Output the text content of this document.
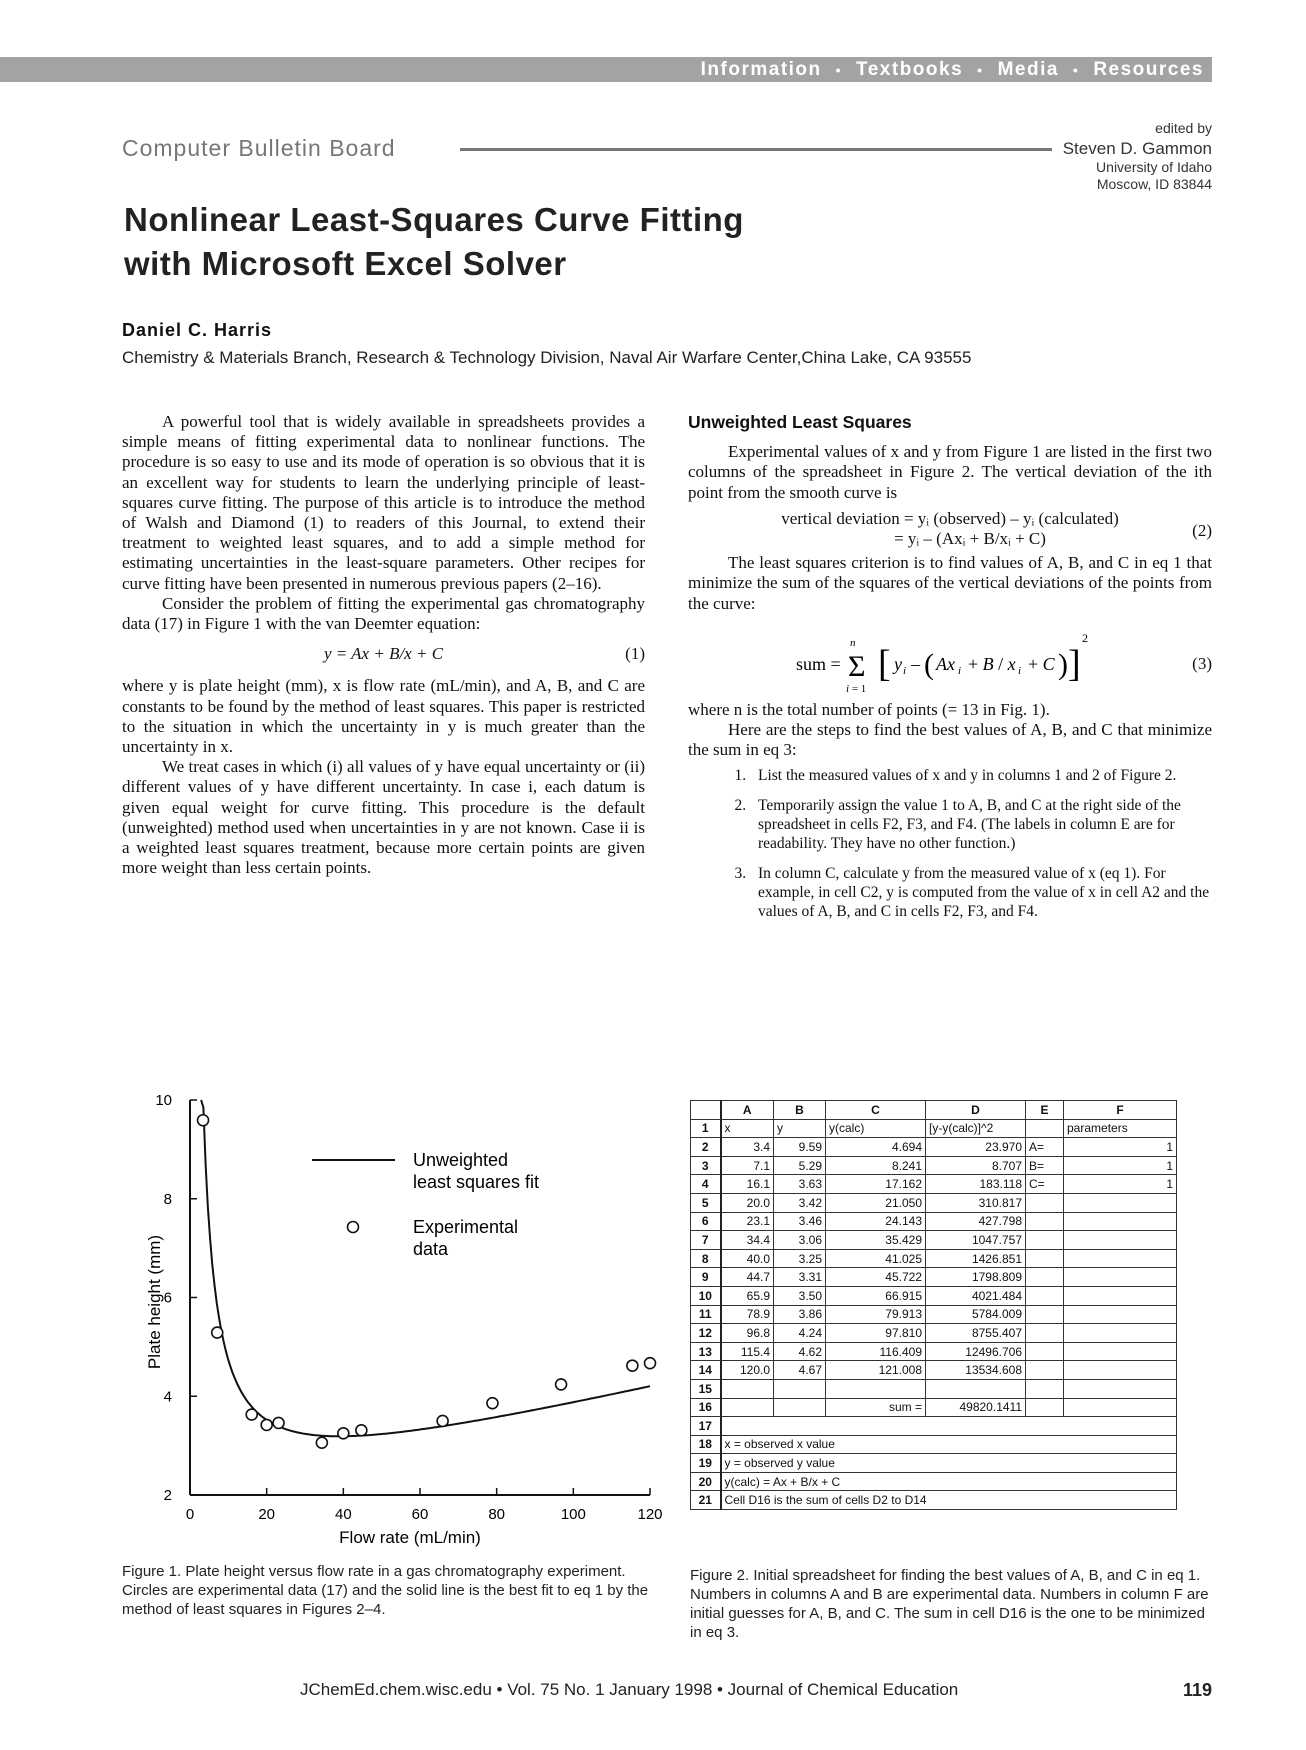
Information • Textbooks • Media • Resources
Computer Bulletin Board
edited by
Steven D. Gammon
University of Idaho
Moscow, ID 83844
Nonlinear Least-Squares Curve Fitting
with Microsoft Excel Solver
Daniel C. Harris
Chemistry & Materials Branch, Research & Technology Division, Naval Air Warfare Center,China Lake, CA 93555

A powerful tool that is widely available in spreadsheets provides a simple means of fitting experimental data to nonlinear functions. The procedure is so easy to use and its mode of operation is so obvious that it is an excellent way for students to learn the underlying principle of least-squares curve fitting. The purpose of this article is to introduce the method of Walsh and Diamond (1) to readers of this Journal, to extend their treatment to weighted least squares, and to add a simple method for estimating uncertainties in the least-square parameters. Other recipes for curve fitting have been presented in numerous previous papers (2–16).

Consider the problem of fitting the experimental gas chromatography data (17) in Figure 1 with the van Deemter equation:

y = Ax + B/x + C	(1)

where y is plate height (mm), x is flow rate (mL/min), and A, B, and C are constants to be found by the method of least squares. This paper is restricted to the situation in which the uncertainty in y is much greater than the uncertainty in x.

We treat cases in which (i) all values of y have equal uncertainty or (ii) different values of y have different uncertainty. In case i, each datum is given equal weight for curve fitting. This procedure is the default (unweighted) method used when uncertainties in y are not known. Case ii is a weighted least squares treatment, because more certain points are given more weight than less certain points.

Unweighted Least Squares

Experimental values of x and y from Figure 1 are listed in the first two columns of the spreadsheet in Figure 2. The vertical deviation of the ith point from the smooth curve is

vertical deviation = yᵢ (observed) – yᵢ (calculated)
= yᵢ – (Axᵢ + B/xᵢ + C)	(2)

The least squares criterion is to find values of A, B, and C in eq 1 that minimize the sum of the squares of the vertical deviations of the points from the curve:

sum = Σ
n
i = 1
[ y i – ( Ax i + B / x i + C ) ]
2
(3)

where n is the total number of points (= 13 in Fig. 1).

Here are the steps to find the best values of A, B, and C that minimize the sum in eq 3:

1. List the measured values of x and y in columns 1 and 2 of Figure 2.
2. Temporarily assign the value 1 to A, B, and C at the right side of the spreadsheet in cells F2, F3, and F4. (The labels in column E are for readability. They have no other function.)
3. In column C, calculate y from the measured value of x (eq 1). For example, in cell C2, y is computed from the value of x in cell A2 and the values of A, B, and C in cells F2, F3, and F4.
0	20	40	60	80	100	120
2
4
6
8
10
Unweighted
least squares fit
Experimental
data
Flow rate (mL/min)
Plate height (mm)
Figure 1. Plate height versus flow rate in a gas chromatography experiment. Circles are experimental data (17) and the solid line is the best fit to eq 1 by the method of least squares in Figures 2–4.
	A	B	C	D	E	F
1	x	y	y(calc)	[y-y(calc)]^2		parameters
2	3.4	9.59	4.694	23.970	A=	1
3	7.1	5.29	8.241	8.707	B=	1
4	16.1	3.63	17.162	183.118	C=	1
5	20.0	3.42	21.050	310.817		
6	23.1	3.46	24.143	427.798		
7	34.4	3.06	35.429	1047.757		
8	40.0	3.25	41.025	1426.851		
9	44.7	3.31	45.722	1798.809		
10	65.9	3.50	66.915	4021.484		
11	78.9	3.86	79.913	5784.009		
12	96.8	4.24	97.810	8755.407		
13	115.4	4.62	116.409	12496.706		
14	120.0	4.67	121.008	13534.608		
15						
16			sum =	49820.1411		
17						
18	x = observed x value					
19	y = observed y value					
20	y(calc) = Ax + B/x + C					
21	Cell D16 is the sum of cells D2 to D14					
Figure 2. Initial spreadsheet for finding the best values of A, B, and C in eq 1. Numbers in columns A and B are experimental data. Numbers in column F are initial guesses for A, B, and C. The sum in cell D16 is the one to be minimized in eq 3.
JChemEd.chem.wisc.edu • Vol. 75 No. 1 January 1998 • Journal of Chemical Education	119
